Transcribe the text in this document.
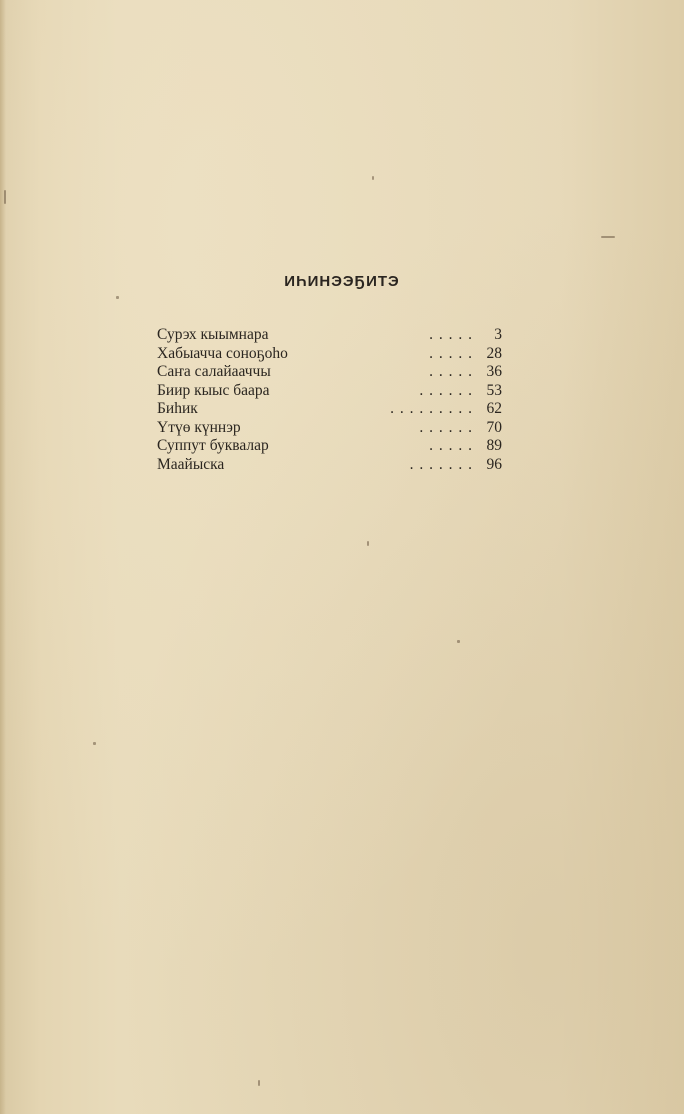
ИҺИНЭЭҔИТЭ
Сурэх кыымнара	. . . . . 3
Хабыачча соноҕоһо	. . . . . 28
Саҥа салайааччы	. . . . . 36
Биир кыыс баара	. . . . . . 53
Биһик	. . . . . . . . . 62
Үтүө күннэр	. . . . . . 70
Суппут буквалар	. . . . . 89
Маайыска	. . . . . . . 96
